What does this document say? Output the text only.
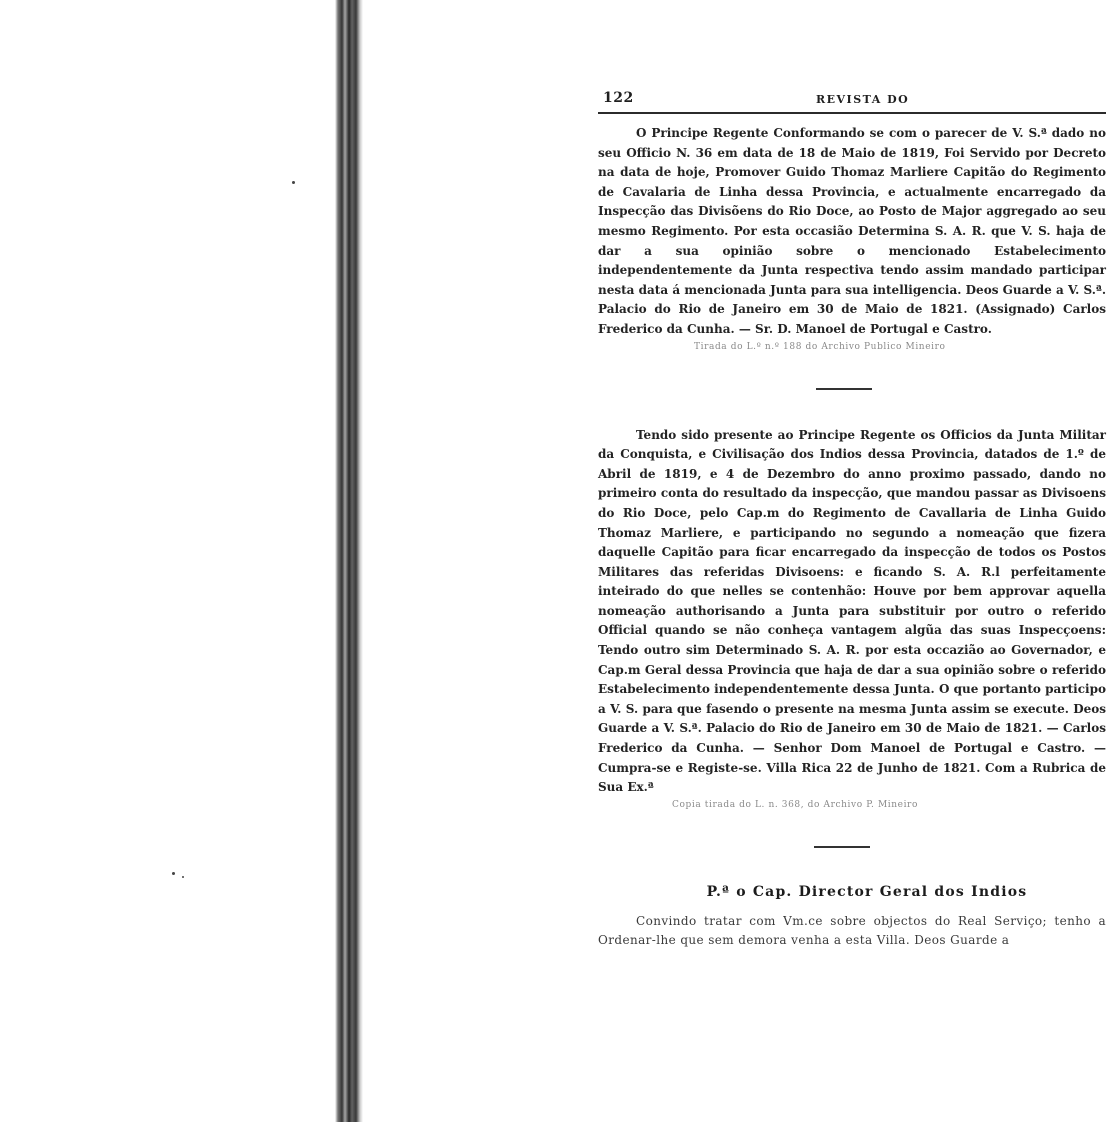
122	REVISTA DO

O Principe Regente Conformando se com o parecer de V. S.ª dado no seu Officio N. 36 em data de 18 de Maio de 1819, Foi Servido por Decreto na data de hoje, Promover Guido Thomaz Marliere Capitão do Regimento de Cavalaria de Linha dessa Provincia, e actualmente encarregado da Inspecção das Divisõens do Rio Doce, ao Posto de Major aggregado ao seu mesmo Regimento. Por esta occasião Determina S. A. R. que V. S. haja de dar a sua opinião sobre o mencionado Estabelecimento independentemente da Junta respectiva tendo assim mandado participar nesta data á mencionada Junta para sua intelligencia. Deos Guarde a V. S.ª. Palacio do Rio de Janeiro em 30 de Maio de 1821. (Assignado) Carlos Frederico da Cunha. — Sr. D. Manoel de Portugal e Castro.

Tirada do L.º n.º 188 do Archivo Publico Mineiro

Tendo sido presente ao Principe Regente os Officios da Junta Militar da Conquista, e Civilisação dos Indios dessa Provincia, datados de 1.º de Abril de 1819, e 4 de Dezembro do anno proximo passado, dando no primeiro conta do resultado da inspecção, que mandou passar as Divisoens do Rio Doce, pelo Cap.m do Regimento de Cavallaria de Linha Guido Thomaz Marliere, e participando no segundo a nomeação que fizera daquelle Capitão para ficar encarregado da inspecção de todos os Postos Militares das referidas Divisoens: e ficando S. A. R.l perfeitamente inteirado do que nelles se contenhão: Houve por bem approvar aquella nomeação authorisando a Junta para substituir por outro o referido Official quando se não conheça vantagem algũa das suas Inspecçoens: Tendo outro sim Determinado S. A. R. por esta occazião ao Governador, e Cap.m Geral dessa Provincia que haja de dar a sua opinião sobre o referido Estabelecimento independentemente dessa Junta. O que portanto participo a V. S. para que fasendo o presente na mesma Junta assim se execute. Deos Guarde a V. S.ª. Palacio do Rio de Janeiro em 30 de Maio de 1821. — Carlos Frederico da Cunha. — Senhor Dom Manoel de Portugal e Castro. — Cumpra-se e Registe-se. Villa Rica 22 de Junho de 1821. Com a Rubrica de Sua Ex.ª

Copia tirada do L. n. 368, do Archivo P. Mineiro

P.ª o Cap. Director Geral dos Indios

Convindo tratar com Vm.ce sobre objectos do Real Serviço; tenho a Ordenar-lhe que sem demora venha a esta Villa. Deos Guarde a
